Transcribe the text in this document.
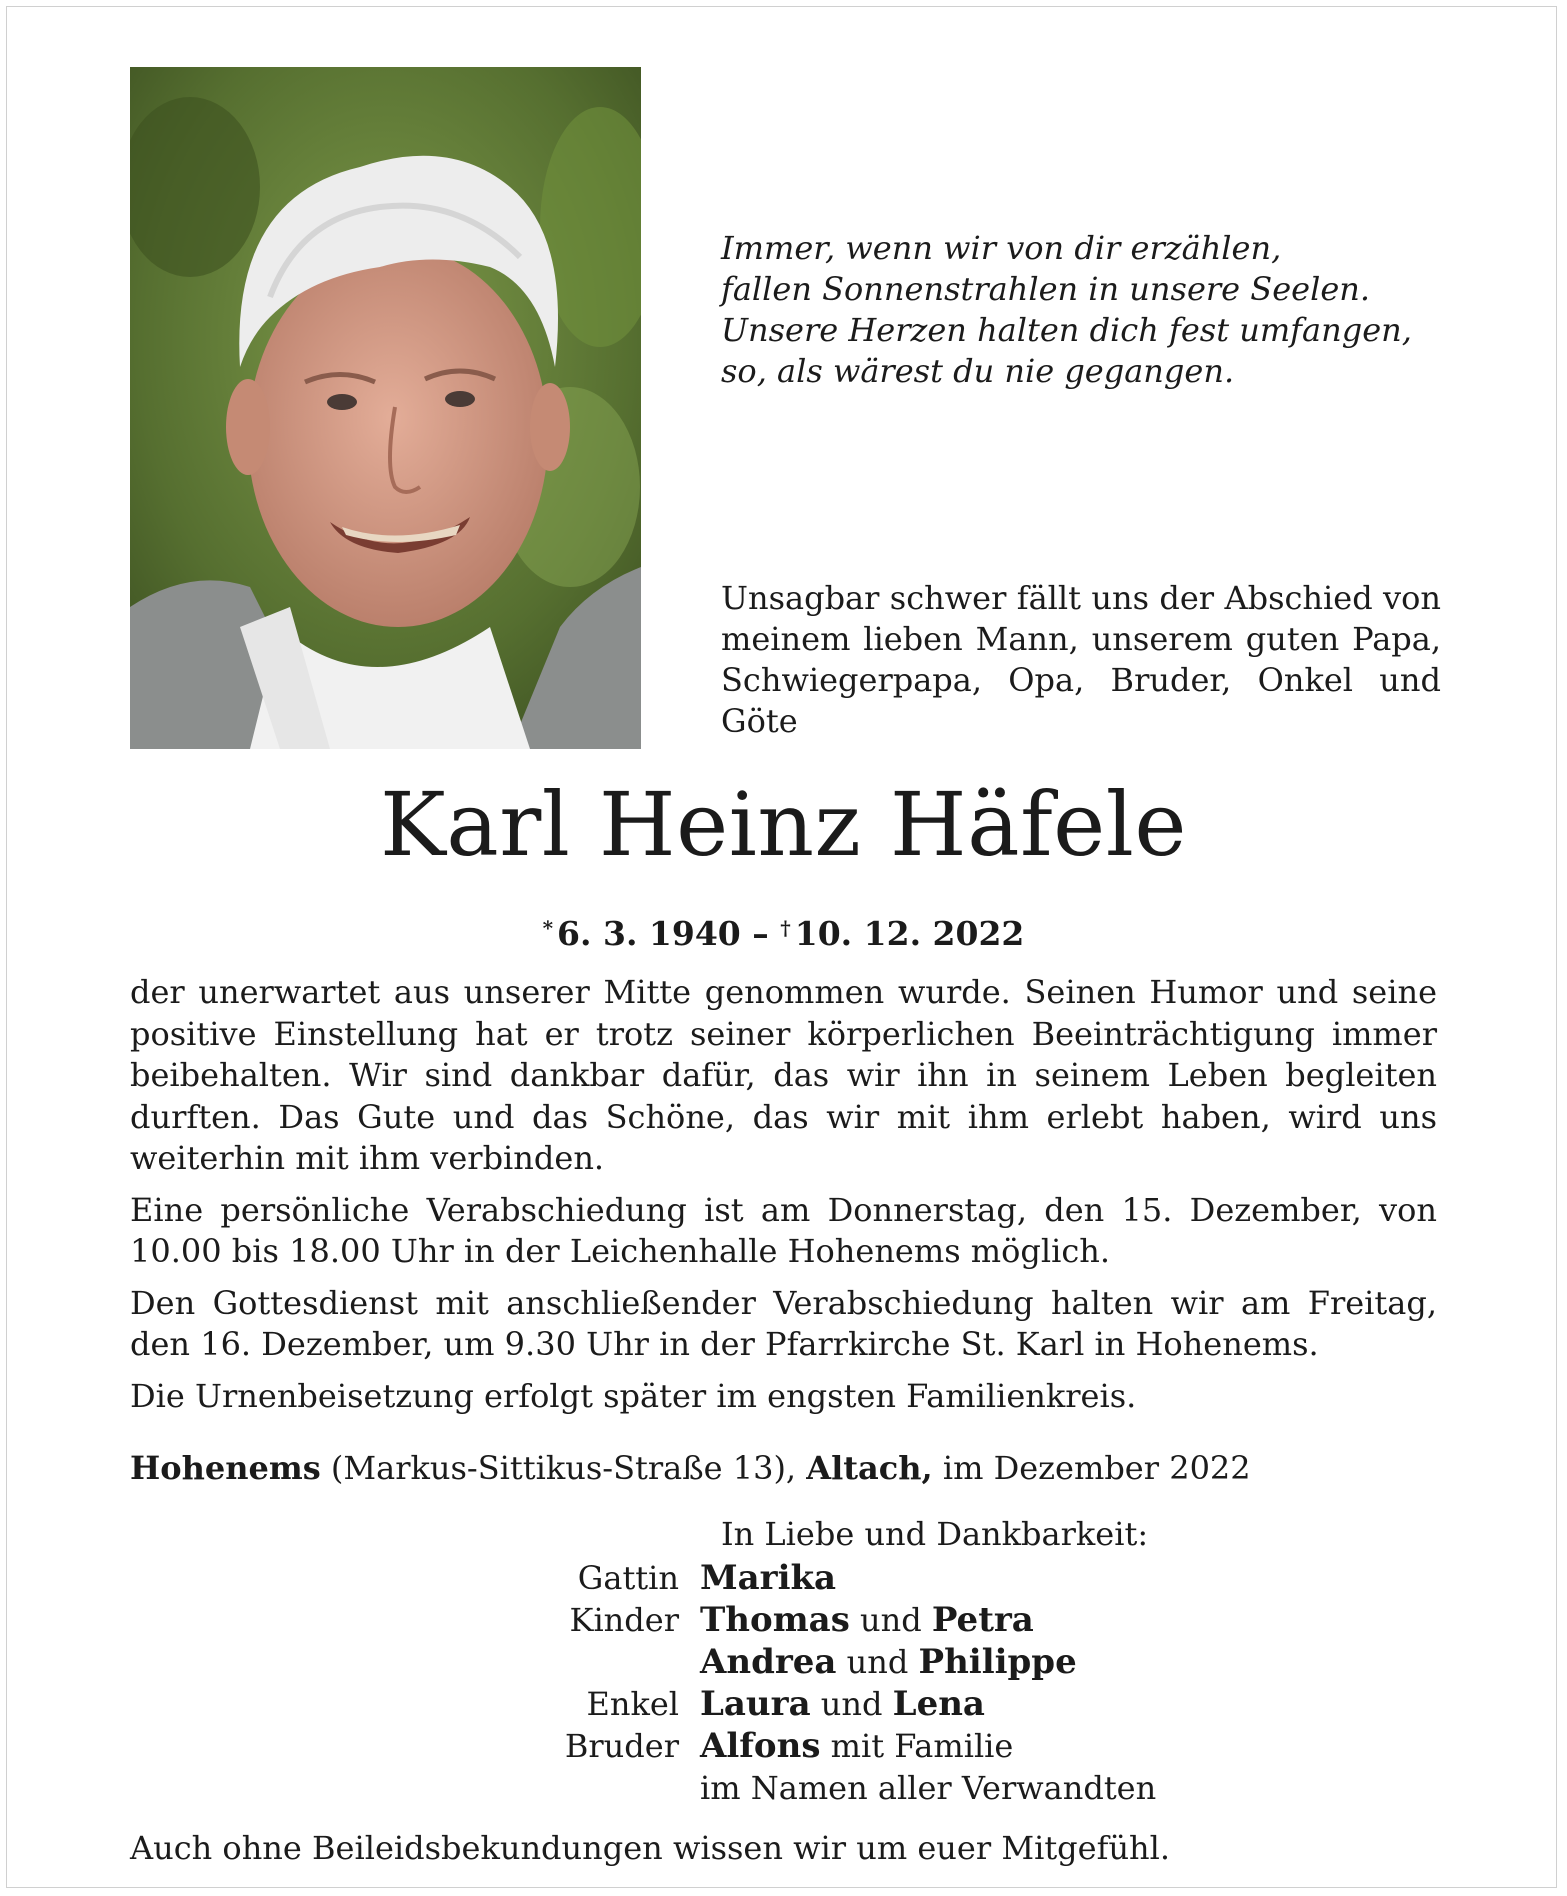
Immer, wenn wir von dir erzählen,
fallen Sonnenstrahlen in unsere Seelen.
Unsere Herzen halten dich fest umfangen,
so, als wärest du nie gegangen.
Unsagbar schwer fällt uns der Abschied von meinem lieben Mann, unserem guten Papa, Schwiegerpapa, Opa, Bruder, Onkel und Göte
Karl Heinz Häfele
* 6. 3. 1940 – † 10. 12. 2022

der unerwartet aus unserer Mitte genommen wurde. Seinen Humor und seine positive Einstellung hat er trotz seiner körperlichen Beeinträchtigung immer beibehalten. Wir sind dankbar dafür, das wir ihn in seinem Leben begleiten durften. Das Gute und das Schöne, das wir mit ihm erlebt haben, wird uns weiterhin mit ihm verbinden.

Eine persönliche Verabschiedung ist am Donnerstag, den 15. Dezember, von 10.00 bis 18.00 Uhr in der Leichenhalle Hohenems möglich.

Den Gottesdienst mit anschließender Verabschiedung halten wir am Freitag, den 16. Dezember, um 9.30 Uhr in der Pfarrkirche St. Karl in Hohenems.

Die Urnenbeisetzung erfolgt später im engsten Familienkreis.

Hohenems (Markus-Sittikus-Straße 13), Altach, im Dezember 2022
In Liebe und Dankbarkeit:
Gattin Marika
Kinder Thomas und Petra
Andrea und Philippe
Enkel Laura und Lena
Bruder Alfons mit Familie
im Namen aller Verwandten
Auch ohne Beileidsbekundungen wissen wir um euer Mitgefühl.
